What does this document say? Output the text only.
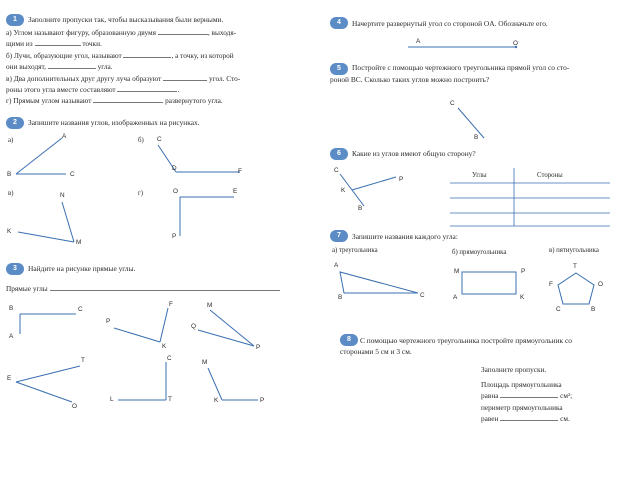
1	Заполните пропуски так, чтобы высказывания были верными.
а) Углом называют фигуру, образованную двумя	, выходя-
щими из	точки.
б) Лучи, образующие угол, называют	, а точку, из которой
они выходят,	угла.
в) Два дополнительных друг другу луча образуют	угол. Сто-
роны этого угла вместе составляют	.
г) Прямым углом называют	развернутого угла.
2	Запишите названия углов, изображенных на рисунках.
а)	б)
в)	г)
A
B	C
C
D	F
N
K
M
O	E
P
3	Найдите на рисунке прямые углы.
Прямые углы
B	C
A
F
P
K
M
Q
P
T
E
O
C
T
L
M
K	P
4	Начертите развернутый угол со стороной OA. Обозначьте его.
A	O
5	Постройте с помощью чертежного треугольника прямой угол со сто-
роной BC. Сколько таких углов можно построить?
C
B
6	Какие из углов имеют общую сторону?
C
K
P
B
Углы	Стороны
7	Запишите названия каждого угла:
а) треугольника	б) прямоугольника	в) пятиугольника
A
B	C
M	P
A	K
T
F	O
C	B
8	С помощью чертежного треугольника постройте прямоугольник со
сторонами 5 см и 3 см.
Заполните пропуски.
Площадь прямоугольника
равна	см²;
периметр прямоугольника
равен	см.
